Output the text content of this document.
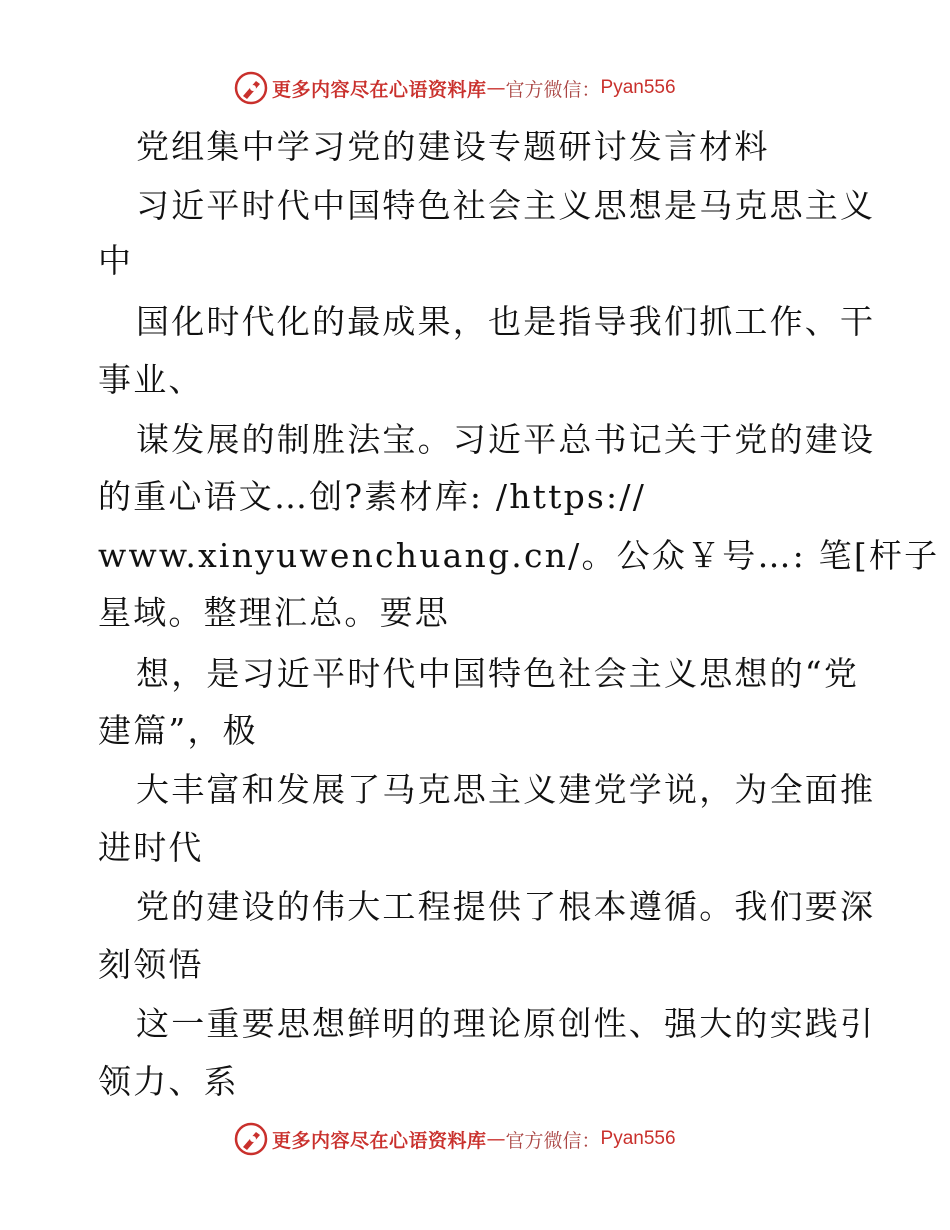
更多内容尽在心语资料库 — 官方微信： Pyan556
党组集中学习党的建设专题研讨发言材料
习近平时代中国特色社会主义思想是马克思主义
中
国化时代化的最成果，也是指导我们抓工作、干
事业、
谋发展的制胜法宝。习近平总书记关于党的建设
的重心语文…创?素材库: /https://
www.xinyuwenchuang.cn/。公众￥号…: 笔[杆子
星域。整理汇总。要思
想，是习近平时代中国特色社会主义思想的“党
建篇”，极
大丰富和发展了马克思主义建党学说，为全面推
进时代
党的建设的伟大工程提供了根本遵循。我们要深
刻领悟
这一重要思想鲜明的理论原创性、强大的实践引
领力、系
更多内容尽在心语资料库 — 官方微信： Pyan556
